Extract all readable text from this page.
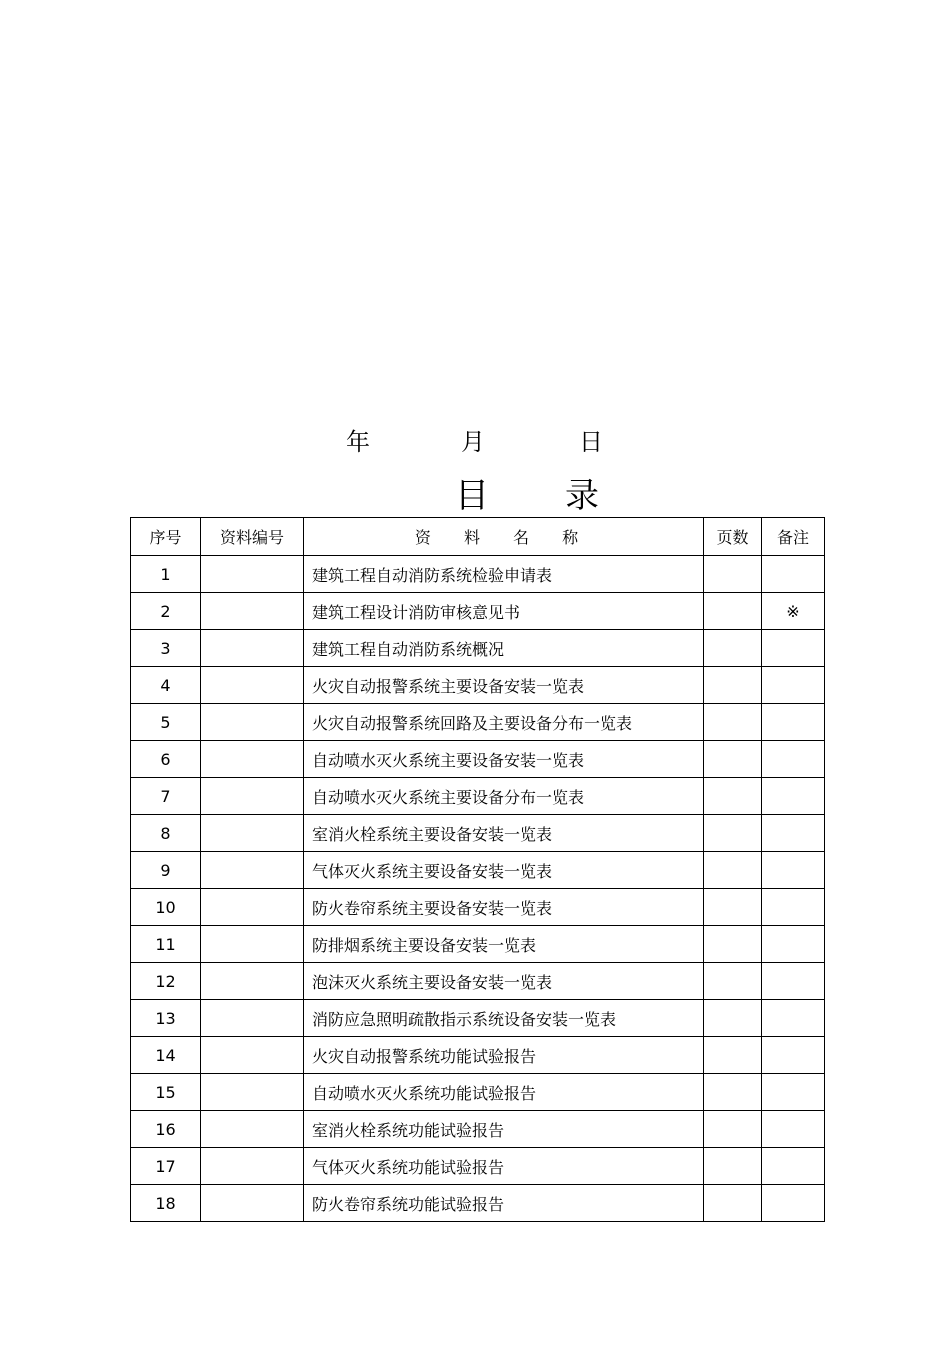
年	月	日
目 录
序号	资料编号	资 料 名 称	页数	备注
1		建筑工程自动消防系统检验申请表		
2		建筑工程设计消防审核意见书		※
3		建筑工程自动消防系统概况		
4		火灾自动报警系统主要设备安装一览表		
5		火灾自动报警系统回路及主要设备分布一览表		
6		自动喷水灭火系统主要设备安装一览表		
7		自动喷水灭火系统主要设备分布一览表		
8		室消火栓系统主要设备安装一览表		
9		气体灭火系统主要设备安装一览表		
10		防火卷帘系统主要设备安装一览表		
11		防排烟系统主要设备安装一览表		
12		泡沫灭火系统主要设备安装一览表		
13		消防应急照明疏散指示系统设备安装一览表		
14		火灾自动报警系统功能试验报告		
15		自动喷水灭火系统功能试验报告		
16		室消火栓系统功能试验报告		
17		气体灭火系统功能试验报告		
18		防火卷帘系统功能试验报告		
